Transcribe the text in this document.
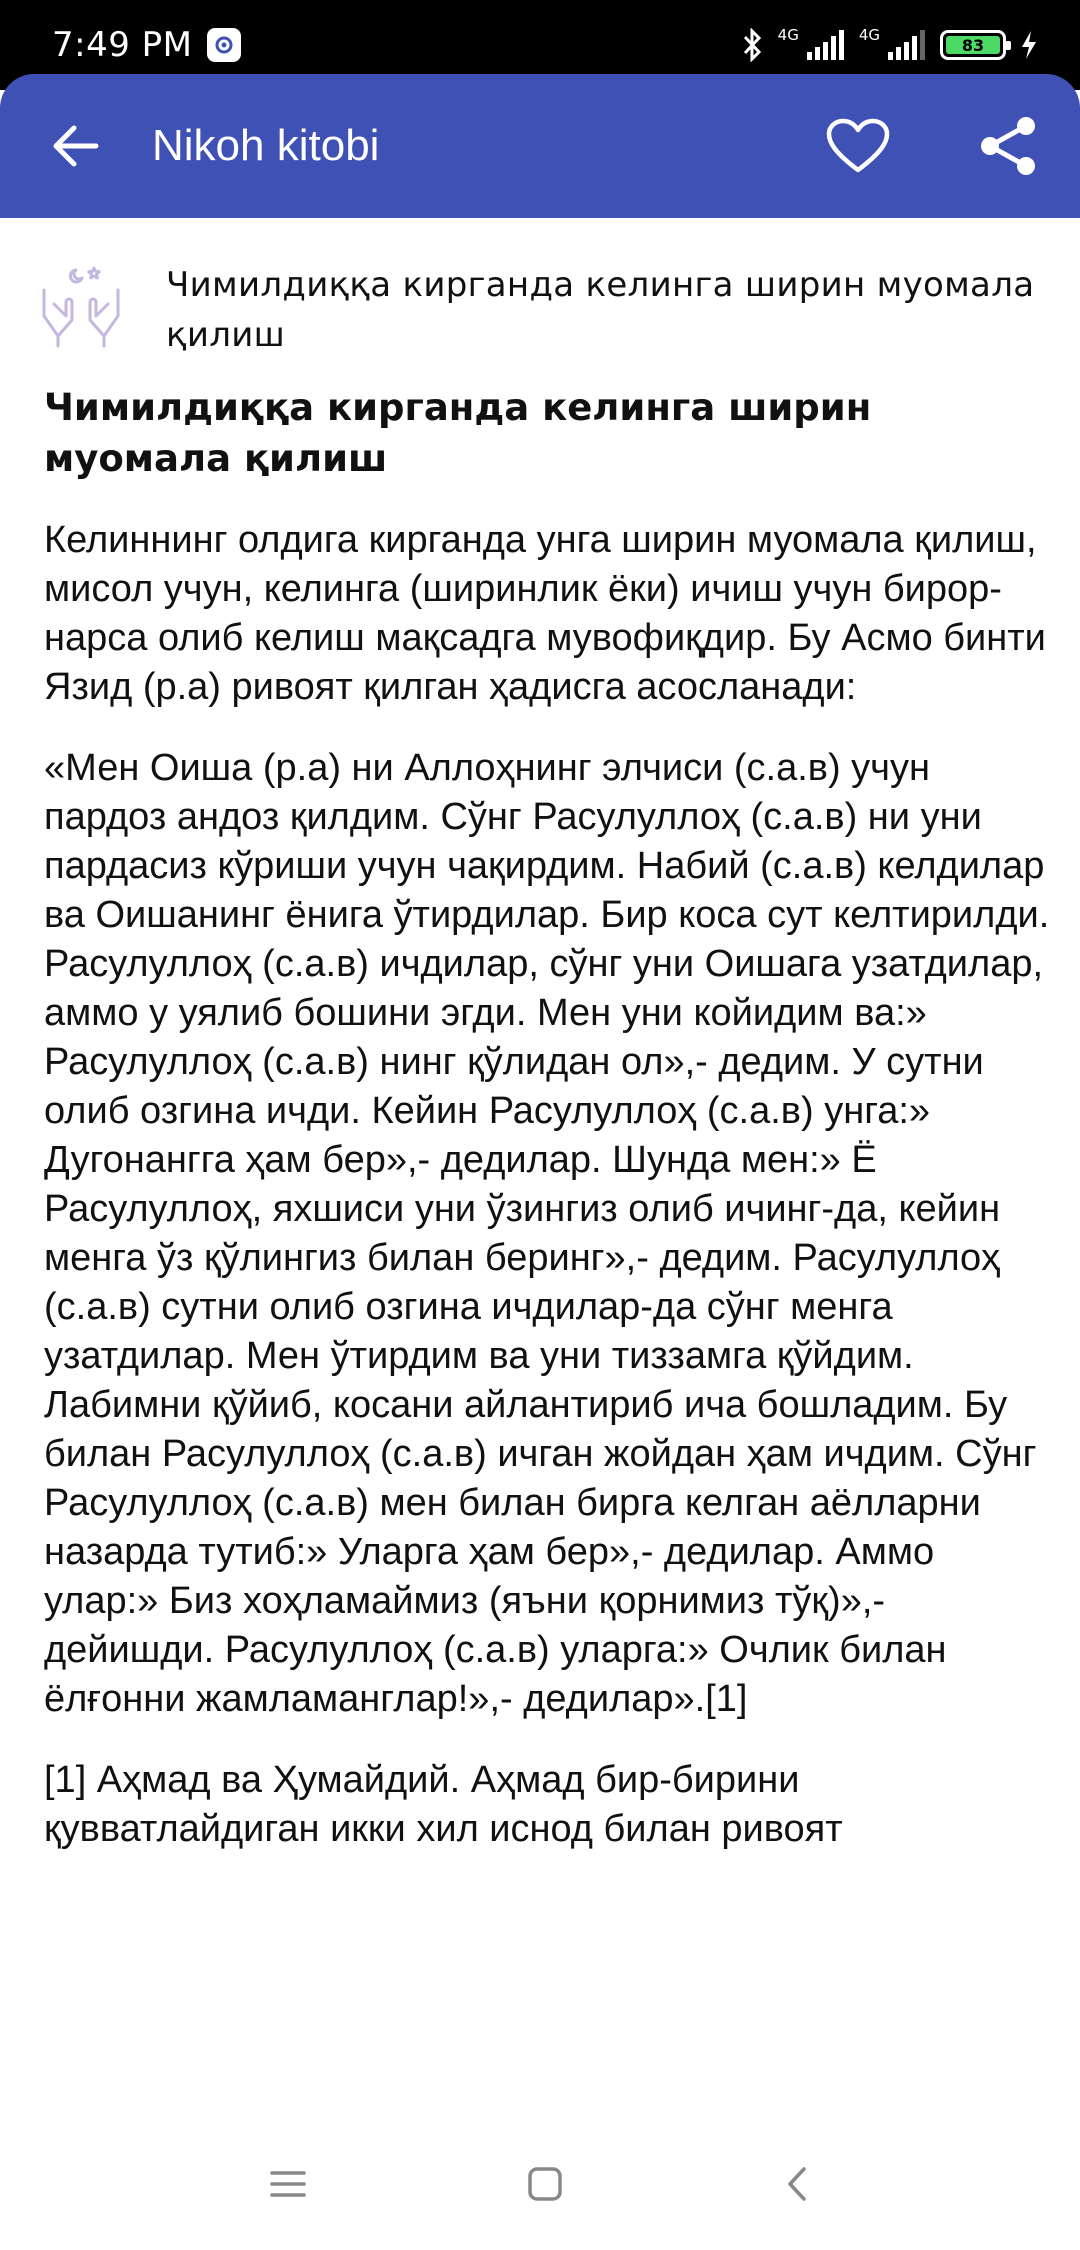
7:49 PM	4G	4G
83
Nikoh kitobi
Чимилдиққа кирганда келинга ширин муомала қилиш
Чимилдиққа кирганда келинга ширин муомала қилиш
Келиннинг олдига кирганда унга ширин муомала қилиш, мисол учун, келинга (ширинлик ёки) ичиш учун бирор-нарса олиб келиш мақсадга мувофиқдир. Бу Асмо бинти Язид (р.а) ривоят қилган ҳадисга асосланади:
«Мен Оиша (р.а) ни Аллоҳнинг элчиси (с.а.в) учун пардоз андоз қилдим. Сўнг Расулуллоҳ (с.а.в) ни уни пардасиз кўриши учун чақирдим. Набий (с.а.в) келдилар ва Оишанинг ёнига ўтирдилар. Бир коса сут келтирилди. Расулуллоҳ (с.а.в) ичдилар, сўнг уни Оишага узатдилар, аммо у уялиб бошини эгди. Мен уни койидим ва:» Расулуллоҳ (с.а.в) нинг қўлидан ол»,- дедим. У сутни олиб озгина ичди. Кейин Расулуллоҳ (с.а.в) унга:» Дугонангга ҳам бер»,- дедилар. Шунда мен:» Ё Расулуллоҳ, яхшиси уни ўзингиз олиб ичинг-да, кейин менга ўз қўлингиз билан беринг»,- дедим. Расулуллоҳ (с.а.в) сутни олиб озгина ичдилар-да сўнг менга узатдилар. Мен ўтирдим ва уни тиззамга қўйдим. Лабимни қўйиб, косани айлантириб ича бошладим. Бу билан Расулуллоҳ (с.а.в) ичган жойдан ҳам ичдим. Сўнг Расулуллоҳ (с.а.в) мен билан бирга келган аёлларни назарда тутиб:» Уларга ҳам бер»,- дедилар. Аммо улар:» Биз хоҳламаймиз (яъни қорнимиз тўқ)»,- дейишди. Расулуллоҳ (с.а.в) уларга:» Очлик билан ёлғонни жамламанглар!»,- дедилар».[1]
[1] Аҳмад ва Ҳумайдий. Аҳмад бир-бирини қувватлайдиган икки хил иснод билан ривоят
